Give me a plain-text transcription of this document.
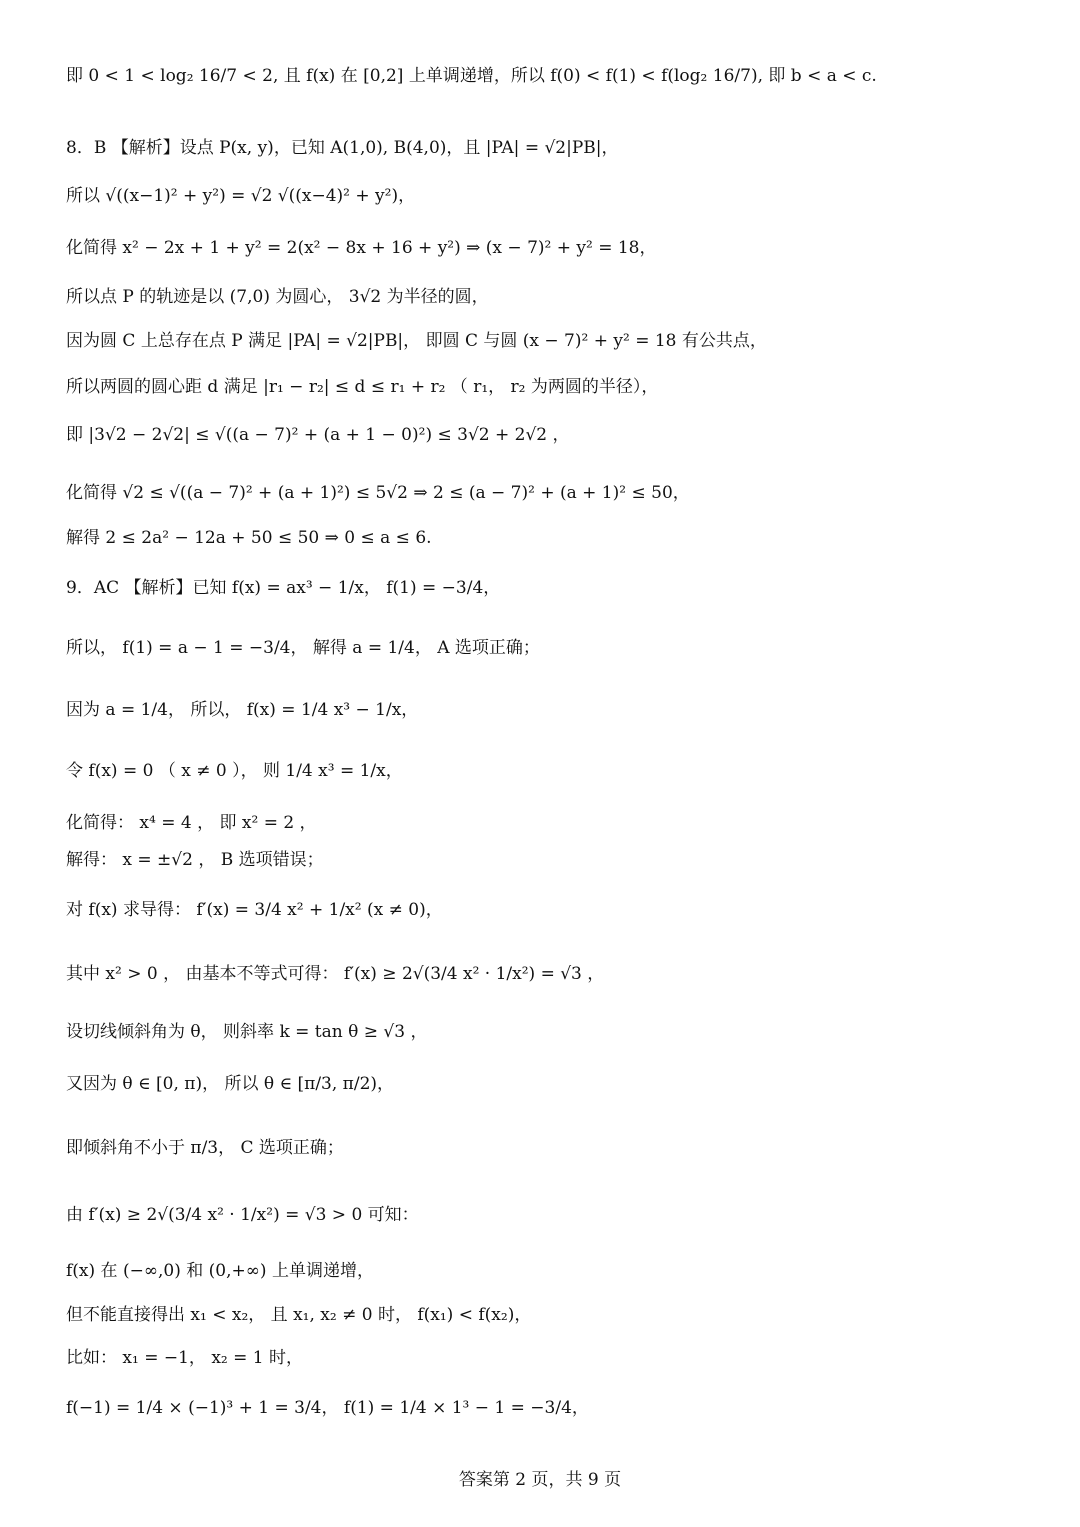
即 0 < 1 < log₂ 16/7 < 2, 且 f(x) 在 [0,2] 上单调递增，所以 f(0) < f(1) < f(log₂ 16/7), 即 b < a < c.
8．B 【解析】设点 P(x, y)，已知 A(1,0), B(4,0)，且 |PA| = √2|PB|，
所以 √((x−1)² + y²) = √2 √((x−4)² + y²)，
化简得 x² − 2x + 1 + y² = 2(x² − 8x + 16 + y²) ⇒ (x − 7)² + y² = 18，
所以点 P 的轨迹是以 (7,0) 为圆心， 3√2 为半径的圆，
因为圆 C 上总存在点 P 满足 |PA| = √2|PB|， 即圆 C 与圆 (x − 7)² + y² = 18 有公共点，
所以两圆的圆心距 d 满足 |r₁ − r₂| ≤ d ≤ r₁ + r₂ （ r₁， r₂ 为两圆的半径），
即 |3√2 − 2√2| ≤ √((a − 7)² + (a + 1 − 0)²) ≤ 3√2 + 2√2 ，
化简得 √2 ≤ √((a − 7)² + (a + 1)²) ≤ 5√2 ⇒ 2 ≤ (a − 7)² + (a + 1)² ≤ 50，
解得 2 ≤ 2a² − 12a + 50 ≤ 50 ⇒ 0 ≤ a ≤ 6.
9．AC 【解析】已知 f(x) = ax³ − 1/x， f(1) = −3/4，
所以， f(1) = a − 1 = −3/4， 解得 a = 1/4， A 选项正确；
因为 a = 1/4， 所以， f(x) = 1/4 x³ − 1/x，
令 f(x) = 0 （ x ≠ 0 ）， 则 1/4 x³ = 1/x，
化简得： x⁴ = 4 ， 即 x² = 2 ，
解得： x = ±√2 ， B 选项错误；
对 f(x) 求导得： f′(x) = 3/4 x² + 1/x² (x ≠ 0)，
其中 x² > 0 ， 由基本不等式可得： f′(x) ≥ 2√(3/4 x² · 1/x²) = √3 ，
设切线倾斜角为 θ， 则斜率 k = tan θ ≥ √3 ，
又因为 θ ∈ [0, π)， 所以 θ ∈ [π/3, π/2)，
即倾斜角不小于 π/3， C 选项正确；
由 f′(x) ≥ 2√(3/4 x² · 1/x²) = √3 > 0 可知：
f(x) 在 (−∞,0) 和 (0,+∞) 上单调递增，
但不能直接得出 x₁ < x₂， 且 x₁, x₂ ≠ 0 时， f(x₁) < f(x₂)，
比如： x₁ = −1， x₂ = 1 时，
f(−1) = 1/4 × (−1)³ + 1 = 3/4， f(1) = 1/4 × 1³ − 1 = −3/4，
答案第 2 页，共 9 页
